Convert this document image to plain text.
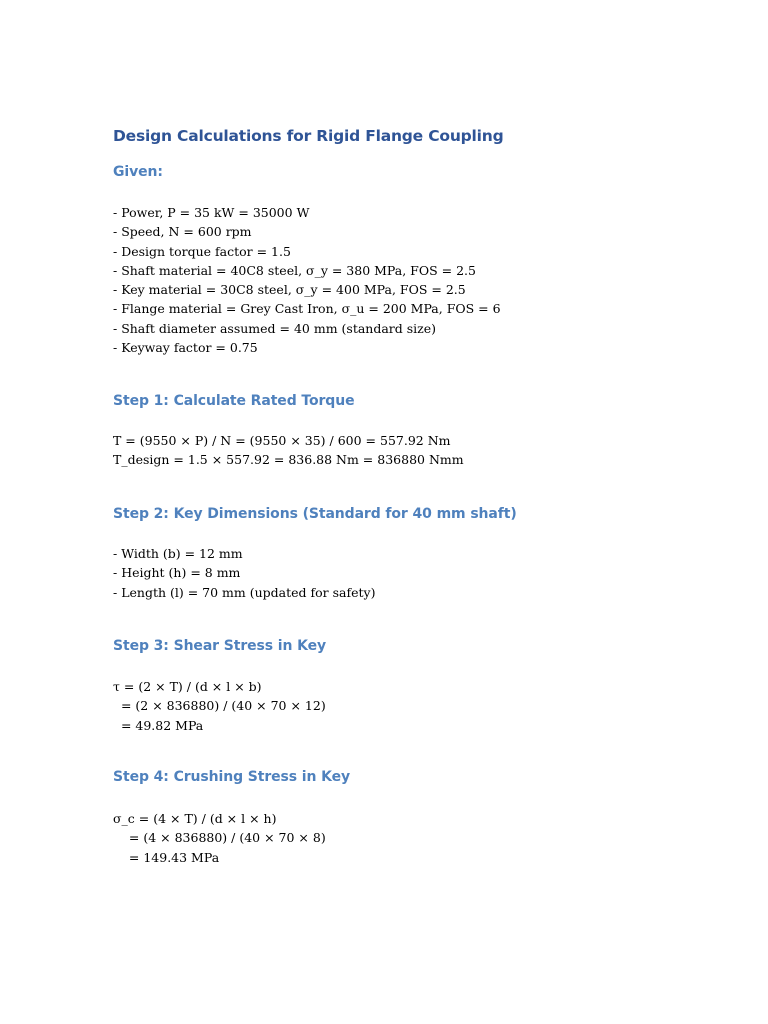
Design Calculations for Rigid Flange Coupling
Given:
- Power, P = 35 kW = 35000 W
- Speed, N = 600 rpm
- Design torque factor = 1.5
- Shaft material = 40C8 steel, σ_y = 380 MPa, FOS = 2.5
- Key material = 30C8 steel, σ_y = 400 MPa, FOS = 2.5
- Flange material = Grey Cast Iron, σ_u = 200 MPa, FOS = 6
- Shaft diameter assumed = 40 mm (standard size)
- Keyway factor = 0.75
Step 1: Calculate Rated Torque
T = (9550 × P) / N = (9550 × 35) / 600 = 557.92 Nm
T_design = 1.5 × 557.92 = 836.88 Nm = 836880 Nmm
Step 2: Key Dimensions (Standard for 40 mm shaft)
- Width (b) = 12 mm
- Height (h) = 8 mm
- Length (l) = 70 mm (updated for safety)
Step 3: Shear Stress in Key
τ = (2 × T) / (d × l × b)
= (2 × 836880) / (40 × 70 × 12)
= 49.82 MPa
Step 4: Crushing Stress in Key
σ_c = (4 × T) / (d × l × h)
= (4 × 836880) / (40 × 70 × 8)
= 149.43 MPa
